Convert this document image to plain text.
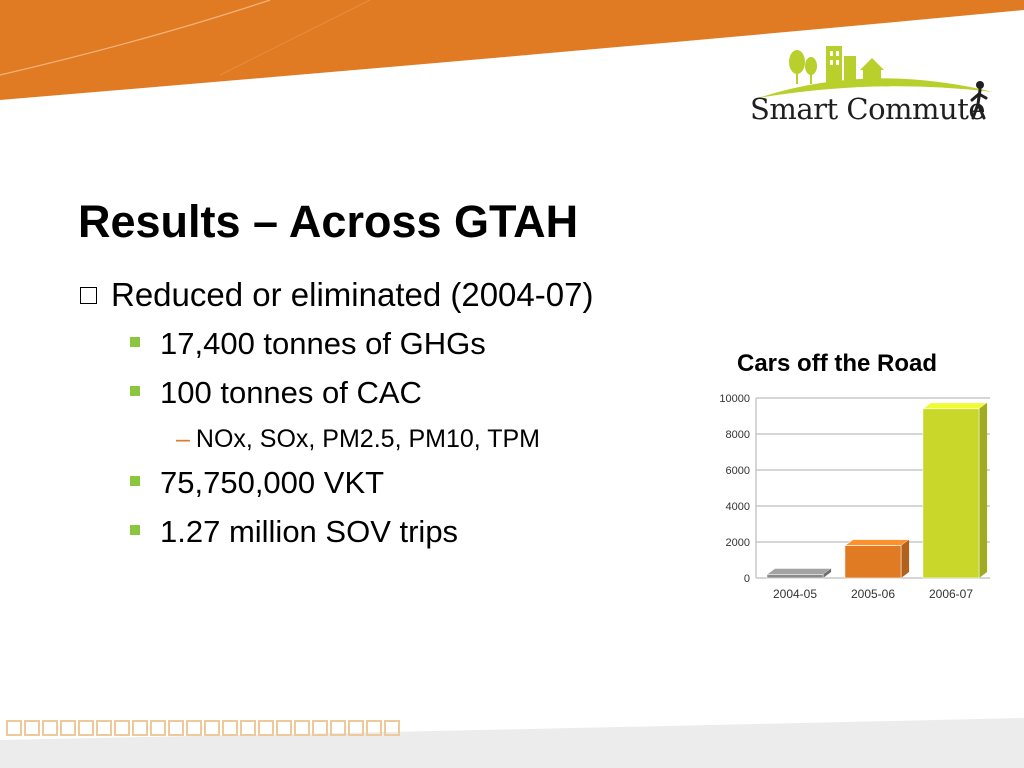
Smart Commute
Results – Across GTAH
Reduced or eliminated (2004-07)
17,400 tonnes of GHGs
100 tonnes of CAC
– NOx, SOx, PM2.5, PM10, TPM
75,750,000 VKT
1.27 million SOV trips
Cars off the Road
0
2000
4000
6000
8000
10000
2004-05	2005-06	2006-07
